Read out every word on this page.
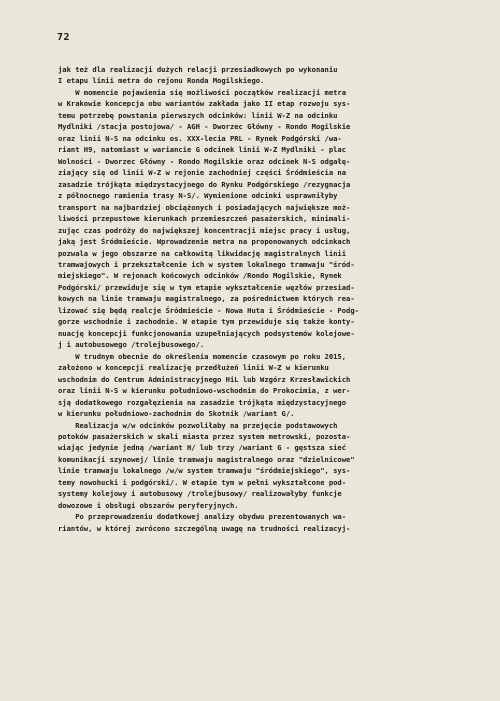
72
jak też dla realizacji dużych relacji przesiadkowych po wykonaniu
I etapu linii metra do rejonu Ronda Mogilskiego.
W momencie pojawienia się możliwości początków realizacji metra
w Krakowie koncepcja obu wariantów zakłada jako II etap rozwoju sys-
temu potrzebę powstania pierwszych odcinków: linii W-Z na odcinku
Mydlniki /stacja postojowa/ - AGH - Dworzec Główny - Rondo Mogilskie
oraz linii N-S na odcinku os. XXX-lecia PRL - Rynek Podgórski /wa-
riant H9, natomiast w wariancie G odcinek linii W-Z Mydlniki - plac
Wolności - Dworzec Główny - Rondo Mogilskie oraz odcinek N-S odgałę-
ziający się od linii W-Z w rejonie zachodniej części Śródmieścia na
zasadzie trójkąta międzystacyjnego do Rynku Podgórskiego /rezygnacja
z północnego ramienia trasy N-S/. Wymienione odcinki usprawniłyby
transport na najbardziej obciążonych i posiadających największe moż-
liwości przepustowe kierunkach przemieszczeń pasażerskich, minimali-
zując czas podróży do największej koncentracji miejsc pracy i usług,
jaką jest Śródmieście. Wprowadzenie metra na proponowanych odcinkach
pozwala w jego obszarze na całkowitą likwidację magistralnych linii
tramwajowych i przekształcenie ich w system lokalnego tramwaju "śród-
miejskiego". W rejonach końcowych odcinków /Rondo Mogilskie, Rynek
Podgórski/ przewiduje się w tym etapie wykształcenie węzłów przesiad-
kowych na linie tramwaju magistralnego, za pośrednictwem których rea-
lizować się będą realcje Śródmieście - Nowa Huta i Śródmieście - Podg-
gorze wschodnie i zachodnie. W etapie tym przewiduje się także konty-
nuację koncepcji funkcjonowania uzupełniających podsystemów kolejowe-
j i autobusowego /trolejbusowego/.
W trudnym obecnie do określenia momencie czasowym po roku 2015,
założono w koncepcji realizację przedłużeń linii W-Z w kierunku
wschodnim do Centrum Administracyjnego HiL lub Wzgórz Krzesławickich
oraz linii N-S w kierunku południowo-wschodnim do Prokocimia, z wer-
sją dodatkowego rozgałęzienia na zasadzie trójkąta międzystacyjnego
w kierunku południowo-zachodnim do Skotnik /wariant G/.
Realizacja w/w odcinków pozwoliłaby na przejęcie podstawowych
potoków pasażerskich w skali miasta przez system metrowski, pozosta-
wiając jedynie jedną /wariant H/ lub trzy /wariant G - gęstsza sieć
komunikacji szynowej/ linie tramwaju magistralnego oraz "dzielnicowe"
linie tramwaju lokalnego /w/w system tramwaju "śródmiejskiego", sys-
temy nowohucki i podgórski/. W etapie tym w pełni wykształcone pod-
systemy kolejowy i autobusowy /trolejbusowy/ realizowałyby funkcje
dowozowe i obsługi obszarów peryferyjnych.
Po przeprowadzeniu dodatkowej analizy obydwu prezentowanych wa-
riantów, w której zwrócono szczególną uwagę na trudności realizacyj-
